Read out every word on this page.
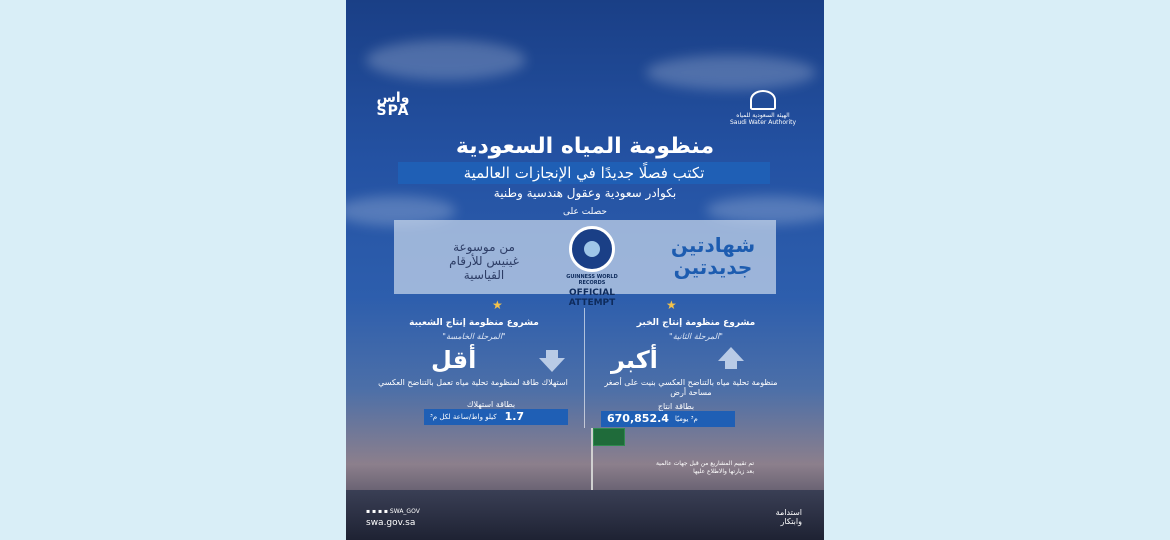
واس
SPA	الهيئة السعودية للمياه
Saudi Water Authority
منظومة المياه السعودية
تكتب فصلًا جديدًا في الإنجازات العالمية
بكوادر سعودية وعقول هندسية وطنية
حصلت على
شهادتين
جديدتين
GUINNESS WORLD RECORDS
OFFICIAL
ATTEMPT
من موسوعة
غينيس للأرقام
القياسية
★
★
مشروع منظومة إنتاج الخبر
"المرحلة الثانية"
أكبر
منظومة تحلية مياه بالتناضح العكسي بنيت على أصغر مساحة أرض
بطاقة انتاج
670,852.4 م³ يوميًا
مشروع منظومة إنتاج الشعيبة
"المرحلة الخامسة"
أقل
استهلاك طاقة لمنظومة تحلية مياه تعمل بالتناضح العكسي
بطاقة استهلاك
كيلو واط/ساعة لكل م³ 1.7
تم تقييم المشاريع من قبل جهات عالمية
بعد زيارتها والاطلاع عليها
▪ ▪ ▪ ▪ SWA_GOV
swa.gov.sa
استدامة
وابتكار
